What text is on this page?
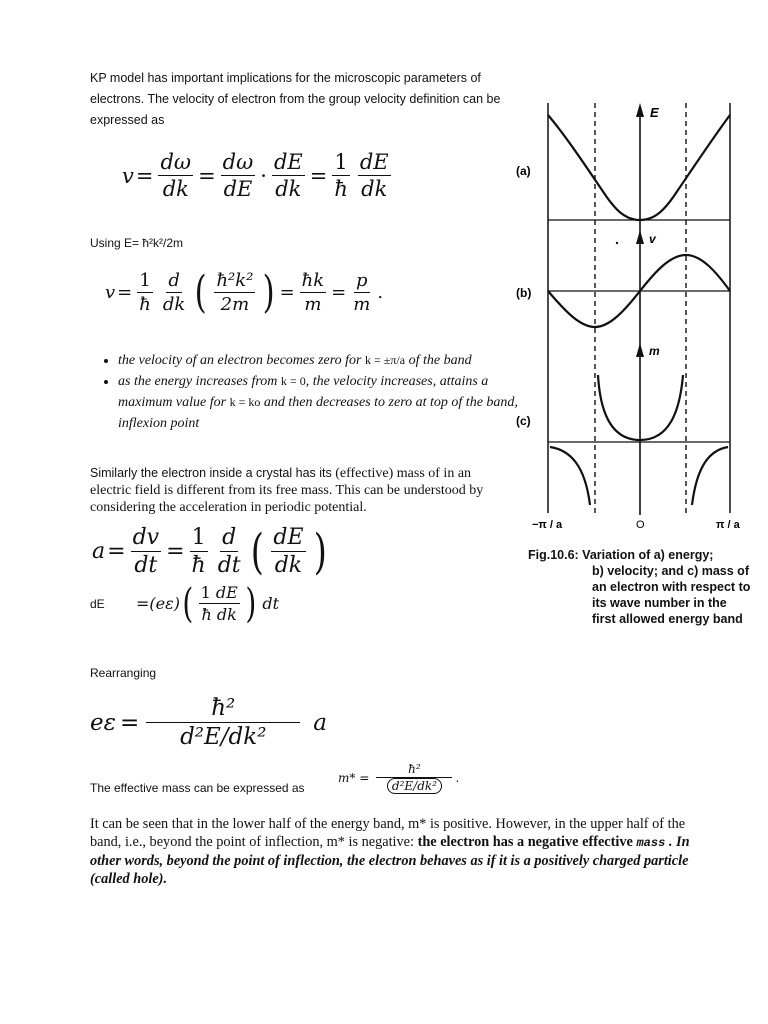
KP model has important implications for the microscopic parameters of electrons. The velocity of electron from the group velocity definition can be expressed as
$v = \frac{d\omega}{dk} = \frac{d\omega}{dE} \cdot \frac{dE}{dk} = \frac{1}{ħ} \frac{dE}{dk}$
Using E= ħ²k²/2m
$v = \frac{1}{ħ} \frac{d}{dk}$ ( $\frac{\text{ħ²k²}}{2m}$ ) = $\frac{ħk}{m} = \frac{p}{m}$ .
• the velocity of an electron becomes zero for k = ±π/a of the band
• as the energy increases from k = 0, the velocity increases, attains a maximum value for k = ko and then decreases to zero at top of the band, inflexion point
Similarly the electron inside a crystal has its (effective) mass of in an electric field is different from its free mass. This can be understood by considering the acceleration in periodic potential.
$a = \frac{dv}{dt} = \frac{1}{ħ} \frac{d}{dt}$ ( $\frac{dE}{dk}$ )
dE	= (eε) ( $\frac{1 dE}{\text{ħ dk}}$ ) dt
Rearranging
$e\varepsilon = \frac{\text{ħ²}}{\text{d²E/dk²}}$ a
The effective mass can be expressed as
$m* = \frac{\text{ħ²}}{\text{d²E/dk²}}$ .
It can be seen that in the lower half of the energy band, m* is positive. However, in the upper half of the band, i.e., beyond the point of inflection, m* is negative: the electron has a negative effective mass . In other words, beyond the point of inflection, the electron behaves as if it is a positively charged particle (called hole).
(a)
(b)
(c)
E
v
m
−π / a	O	π / a
Fig.10.6: Variation of a) energy;
b) velocity; and c) mass of an electron with respect to its wave number in the first allowed energy band
